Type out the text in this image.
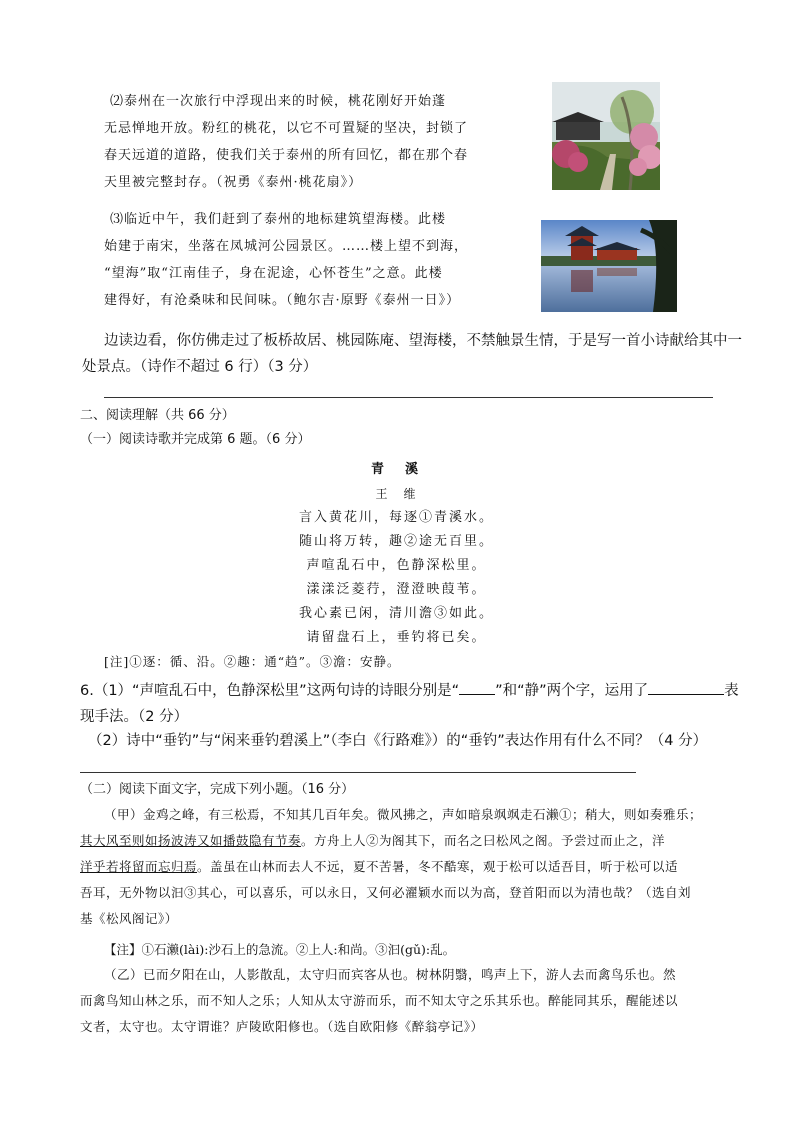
⑵泰州在一次旅行中浮现出来的时候，桃花刚好开始蓬
无忌惮地开放。粉红的桃花，以它不可置疑的坚决，封锁了
春天远道的道路，使我们关于泰州的所有回忆，都在那个春
天里被完整封存。（祝勇《泰州·桃花扇》）
⑶临近中午，我们赶到了泰州的地标建筑望海楼。此楼
始建于南宋，坐落在凤城河公园景区。……楼上望不到海，
“望海”取“江南佳子，身在泥途，心怀苍生”之意。此楼
建得好，有沧桑味和民间味。（鲍尔吉·原野《泰州一日》）
边读边看，你仿佛走过了板桥故居、桃园陈庵、望海楼，不禁触景生情，于是写一首小诗献给其中一
处景点。（诗作不超过 6 行）（3 分）
二、阅读理解（共 66 分）
（一）阅读诗歌并完成第 6 题。（6 分）
青　溪
王　维
言入黄花川，每逐①青溪水。
随山将万转，趣②途无百里。
声喧乱石中，色静深松里。
漾漾泛菱荇，澄澄映葭苇。
我心素已闲，清川澹③如此。
请留盘石上，垂钓将已矣。
[注]①逐：循、沿。②趣：通“趋”。③澹：安静。
6.（1）“声喧乱石中，色静深松里”这两句诗的诗眼分别是“ ”和“静”两个字，运用了	表
现手法。（2 分）
（2）诗中“垂钓”与“闲来垂钓碧溪上”（李白《行路难》）的“垂钓”表达作用有什么不同？（4 分）
（二）阅读下面文字，完成下列小题。（16 分）
（甲）金鸡之峰，有三松焉，不知其几百年矣。微风拂之，声如暗泉飒飒走石濑①；稍大，则如奏雅乐；
其大风至则如扬波涛又如播鼓隐有节奏。方舟上人②为阁其下，而名之曰松风之阁。予尝过而止之，洋
洋乎若将留而忘归焉。盖虽在山林而去人不远，夏不苦暑，冬不酷寒，观于松可以适吾目，听于松可以适
吾耳，无外物以汩③其心，可以喜乐，可以永日，又何必濯颖水而以为高，登首阳而以为清也哉？（选自刘
基《松风阁记》）
【注】①石濑(lài):沙石上的急流。②上人:和尚。③汩(gǔ):乱。
（乙）已而夕阳在山，人影散乱，太守归而宾客从也。树林阴翳，鸣声上下，游人去而禽鸟乐也。然
而禽鸟知山林之乐，而不知人之乐；人知从太守游而乐，而不知太守之乐其乐也。醉能同其乐，醒能述以
文者，太守也。太守谓谁？庐陵欧阳修也。（选自欧阳修《醉翁亭记》）
